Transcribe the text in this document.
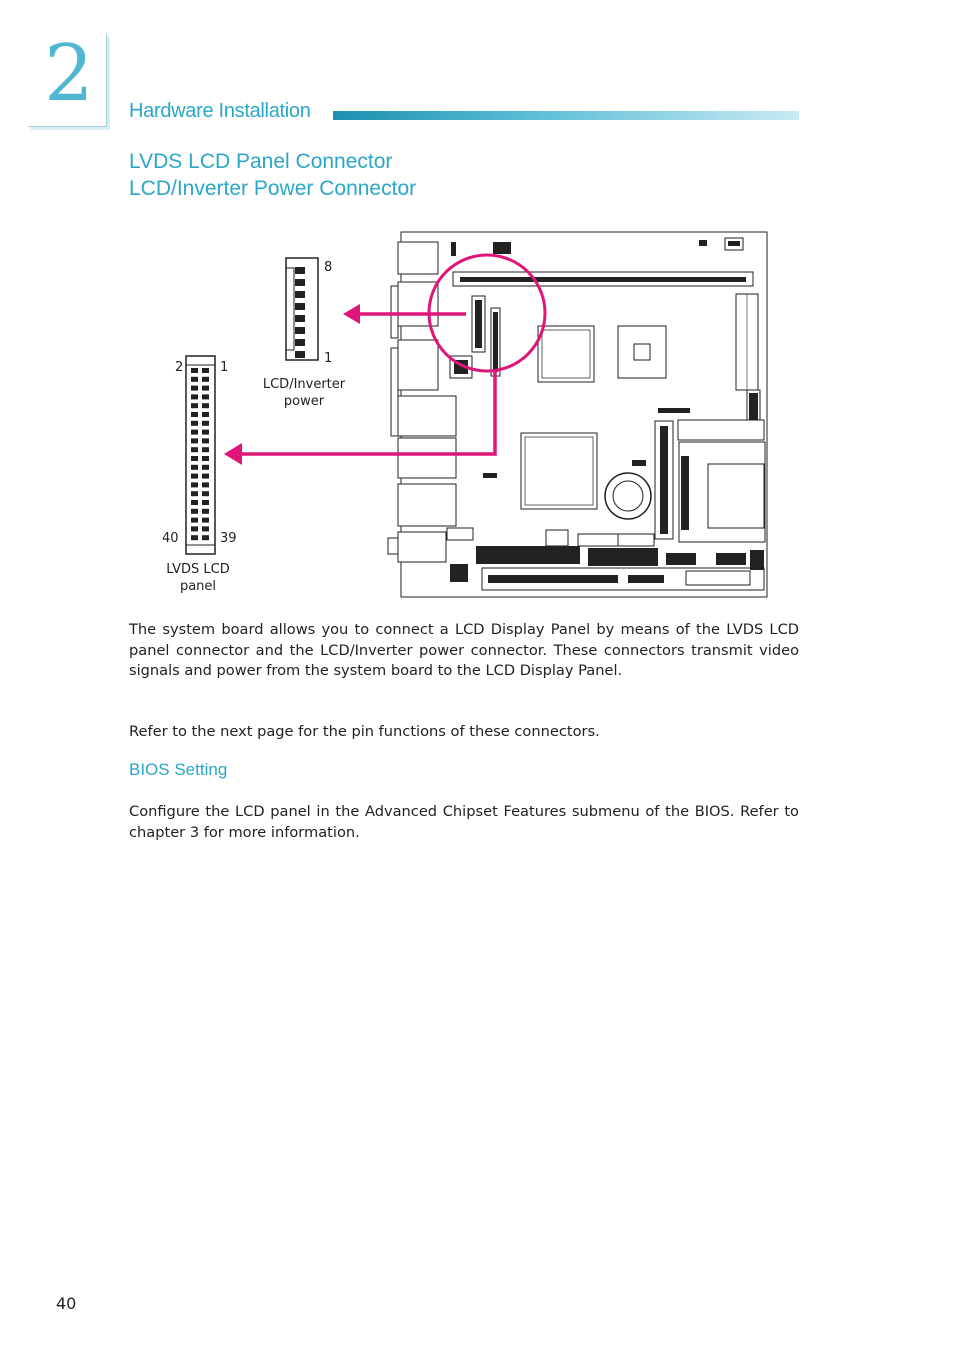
2	Hardware Installation
LVDS LCD Panel Connector
LCD/Inverter Power Connector
8
1
LCD/Inverter
power
2	1
40	39
LVDS LCD
panel
The system board allows you to connect a LCD Display Panel by means of the LVDS LCD panel connector and the LCD/Inverter power connector. These connectors transmit video signals and power from the system board to the LCD Display Panel.
Refer to the next page for the pin functions of these connectors.
BIOS Setting
Configure the LCD panel in the Advanced Chipset Features submenu of the BIOS. Refer to chapter 3 for more information.
40
